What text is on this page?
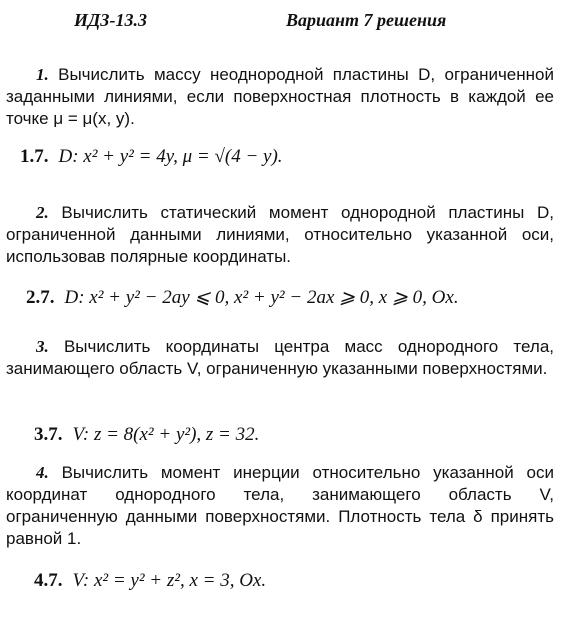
ИДЗ-13.3	Вариант 7 решения
1. Вычислить массу неоднородной пластины D, ограниченной заданными линиями, если поверхностная плотность в каждой ее точке μ = μ(x, y).
1.7. D: x² + y² = 4y, μ = √(4 − y).
2. Вычислить статический момент однородной пластины D, ограниченной данными линиями, относительно указанной оси, использовав полярные координаты.
2.7. D: x² + y² − 2ay ⩽ 0, x² + y² − 2ax ⩾ 0, x ⩾ 0, Ox.
3. Вычислить координаты центра масс однородного тела, занимающего область V, ограниченную указанными поверхностями.
3.7. V: z = 8(x² + y²), z = 32.
4. Вычислить момент инерции относительно указанной оси координат однородного тела, занимающего область V, ограниченную данными поверхностями. Плотность тела δ принять равной 1.
4.7. V: x² = y² + z², x = 3, Ox.
